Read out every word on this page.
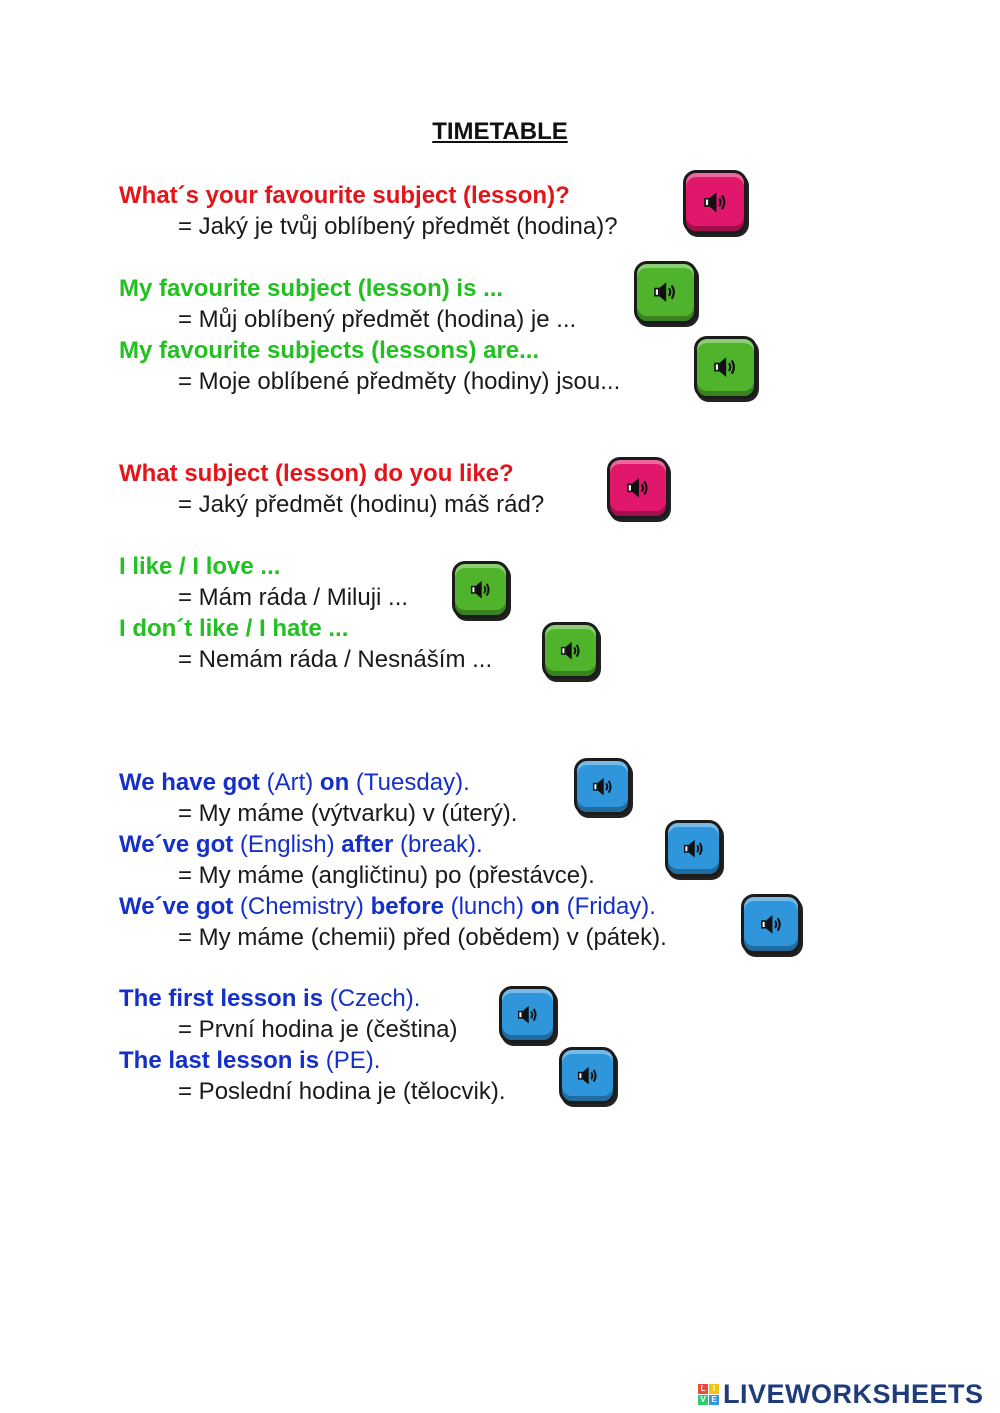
TIMETABLE
What´s your favourite subject (lesson)?
= Jaký je tvůj oblíbený předmět (hodina)?
My favourite subject (lesson) is ...
= Můj oblíbený předmět (hodina) je ...
My favourite subjects (lessons) are...
= Moje oblíbené předměty (hodiny) jsou...
What subject (lesson) do you like?
= Jaký předmět (hodinu) máš rád?
I like / I love ...
= Mám ráda / Miluji ...
I don´t like / I hate ...
= Nemám ráda / Nesnáším ...
We have got (Art) on (Tuesday).
= My máme (výtvarku) v (úterý).
We´ve got (English) after (break).
= My máme (angličtinu) po (přestávce).
We´ve got (Chemistry) before (lunch) on (Friday).
= My máme (chemii) před (obědem) v (pátek).
The first lesson is (Czech).
= První hodina je (čeština)
The last lesson is (PE).
= Poslední hodina je (tělocvik).
L I
V E LIVEWORKSHEETS
